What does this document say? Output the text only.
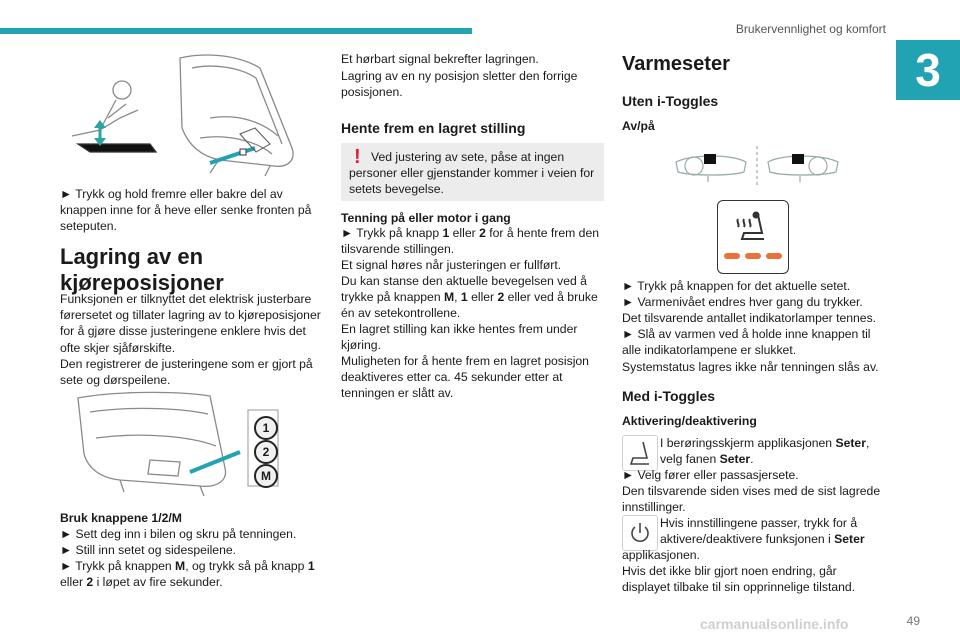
Brukervennlighet og komfort
3

► Trykk og hold fremre eller bakre del av knappen inne for å heve eller senke fronten på seteputen.

Lagring av en

kjøreposisjoner

Funksjonen er tilknyttet det elektrisk justerbare førersetet og tillater lagring av to kjøreposisjoner for å gjøre disse justeringene enklere hvis det ofte skjer sjåførskifte.

Den registrerer de justeringene som er gjort på sete og dørspeilene.

1
2
M

Bruk knappene 1/2/M

► Sett deg inn i bilen og skru på tenningen.

► Still inn setet og sidespeilene.

► Trykk på knappen M, og trykk så på knapp 1
eller 2 i løpet av fire sekunder.

Et hørbart signal bekrefter lagringen.

Lagring av en ny posisjon sletter den forrige posisjonen.

Hente frem en lagret stilling

! Ved justering av sete, påse at ingen personer eller gjenstander kommer i veien for setets bevegelse.

Tenning på eller motor i gang

► Trykk på knapp 1 eller 2 for å hente frem den tilsvarende stillingen.

Et signal høres når justeringen er fullført.

Du kan stanse den aktuelle bevegelsen ved å trykke på knappen M, 1 eller 2 eller ved å bruke én av setekontrollene.

En lagret stilling kan ikke hentes frem under kjøring.

Muligheten for å hente frem en lagret posisjon deaktiveres etter ca. 45 sekunder etter at tenningen er slått av.

Varmeseter

Uten i-Toggles

Av/på

► Trykk på knappen for det aktuelle setet.

► Varmenivået endres hver gang du trykker. Det tilsvarende antallet indikatorlamper tennes.

► Slå av varmen ved å holde inne knappen til alle indikatorlampene er slukket.

Systemstatus lagres ikke når tenningen slås av.

Med i-Toggles

Aktivering/deaktivering

I berøringsskjerm applikasjonen Seter,

velg fanen Seter.

► Velg fører eller passasjersete.

Den tilsvarende siden vises med de sist lagrede innstillinger.

Hvis innstillingene passer, trykk for å

aktivere/deaktivere funksjonen i Seter

applikasjonen.

Hvis det ikke blir gjort noen endring, går displayet tilbake til sin opprinnelige tilstand.

49
carmanualsonline.info
